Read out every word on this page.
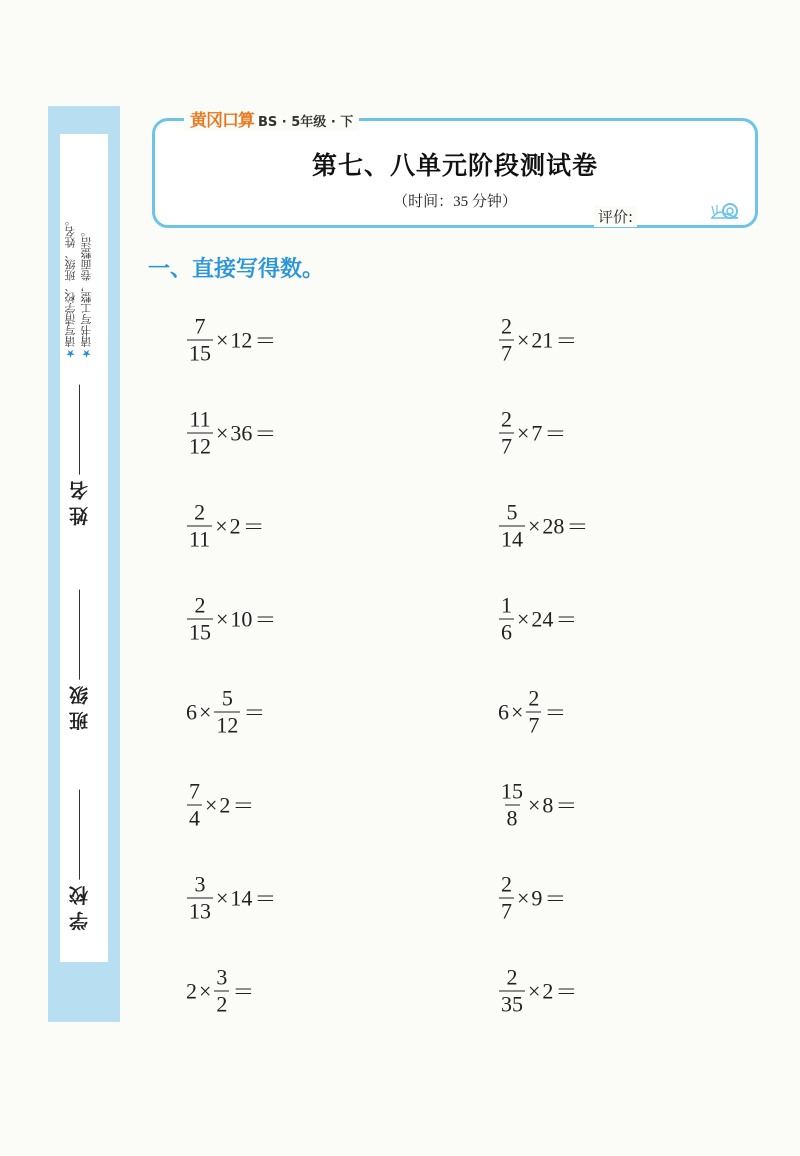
★请写清学校、班级、姓名。
★请书写工整，卷面整洁。
姓 名
班 级
学 校
黄冈口算 BS · 5年级 · 下
第七、八单元阶段测试卷
（时间：35 分钟）
评价:
一、直接写得数。
$\frac{7}{15} \times 12$ ＝	$\frac{2}{7} \times 21$ ＝
$\frac{11}{12} \times 36$ ＝	$\frac{2}{7} \times 7$ ＝
$\frac{2}{11} \times 2$ ＝	$\frac{5}{14} \times 28$ ＝
$\frac{2}{15} \times 10$ ＝	$\frac{1}{6} \times 24$ ＝
$6 \times \frac{5}{12}$ ＝	$6 \times \frac{2}{7}$ ＝
$\frac{7}{4} \times 2$ ＝	$\frac{15}{8} \times 8$ ＝
$\frac{3}{13} \times 14$ ＝	$\frac{2}{7} \times 9$ ＝
$2 \times \frac{3}{2}$ ＝	$\frac{2}{35} \times 2$ ＝
